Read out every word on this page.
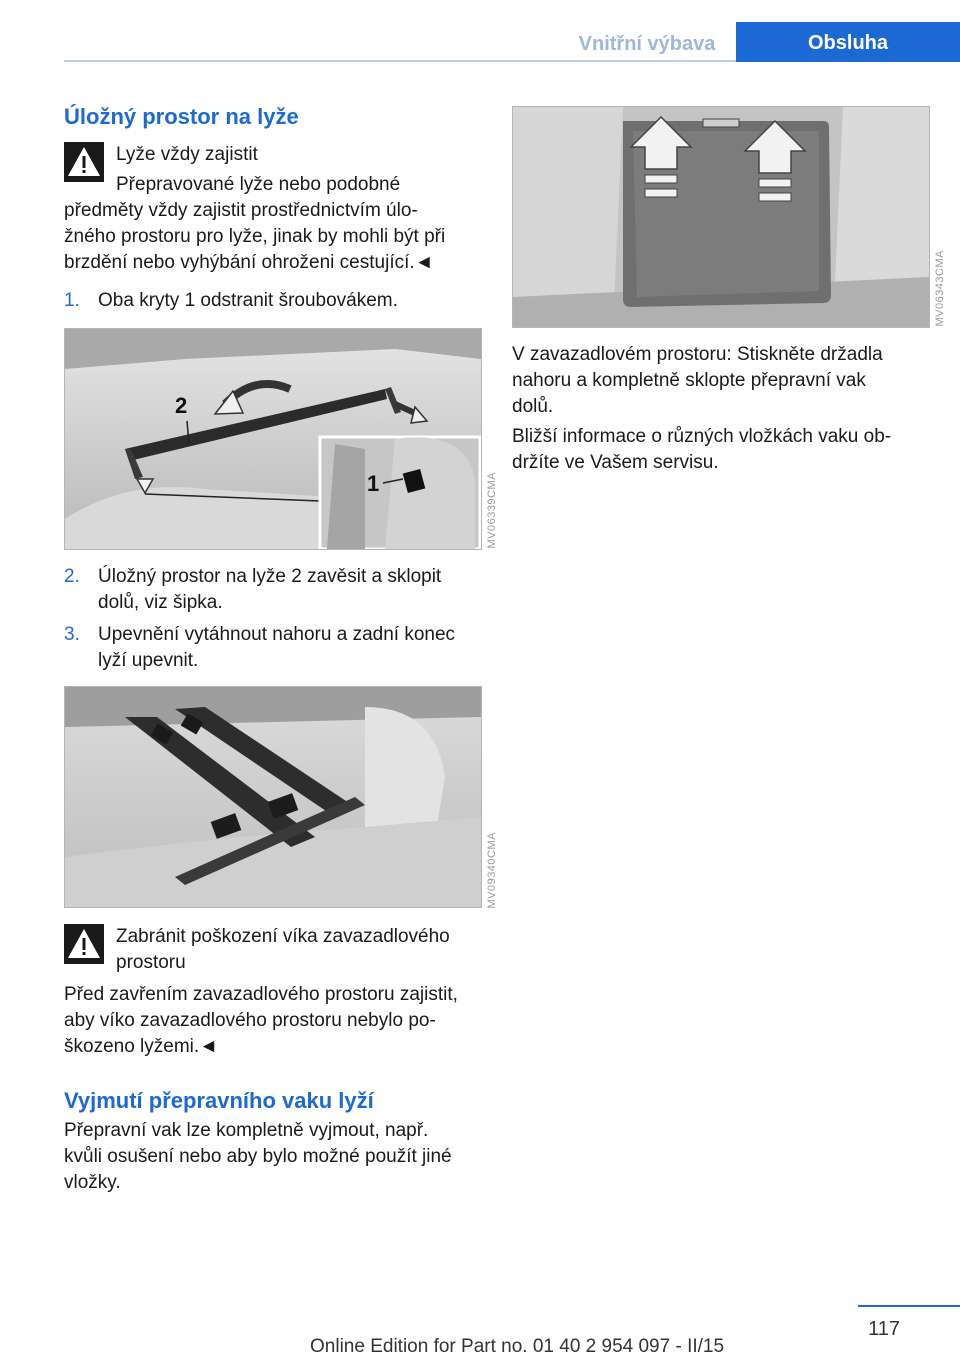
Vnitřní výbava	Obsluha
Úložný prostor na lyže
Lyže vždy zajistit
Přepravované lyže nebo podobné
předměty vždy zajistit prostřednictvím úlo‐
žného prostoru pro lyže, jinak by mohli být při
brzdění nebo vyhýbání ohroženi cestující.◄
1. Oba kryty 1 odstranit šroubovákem.
2
1	MV06339CMA
2. Úložný prostor na lyže 2 zavěsit a sklopit
dolů, viz šipka.
3. Upevnění vytáhnout nahoru a zadní konec
lyží upevnit.
MV09340CMA
Zabránit poškození víka zavazadlového
prostoru
Před zavřením zavazadlového prostoru zajistit,
aby víko zavazadlového prostoru nebylo po‐
škozeno lyžemi.◄
Vyjmutí přepravního vaku lyží
Přepravní vak lze kompletně vyjmout, např.
kvůli osušení nebo aby bylo možné použít jiné
vložky.
MV06343CMA
V zavazadlovém prostoru: Stiskněte držadla
nahoru a kompletně sklopte přepravní vak
dolů.
Bližší informace o různých vložkách vaku ob‐
držíte ve Vašem servisu.
117
Online Edition for Part no. 01 40 2 954 097 - II/15
